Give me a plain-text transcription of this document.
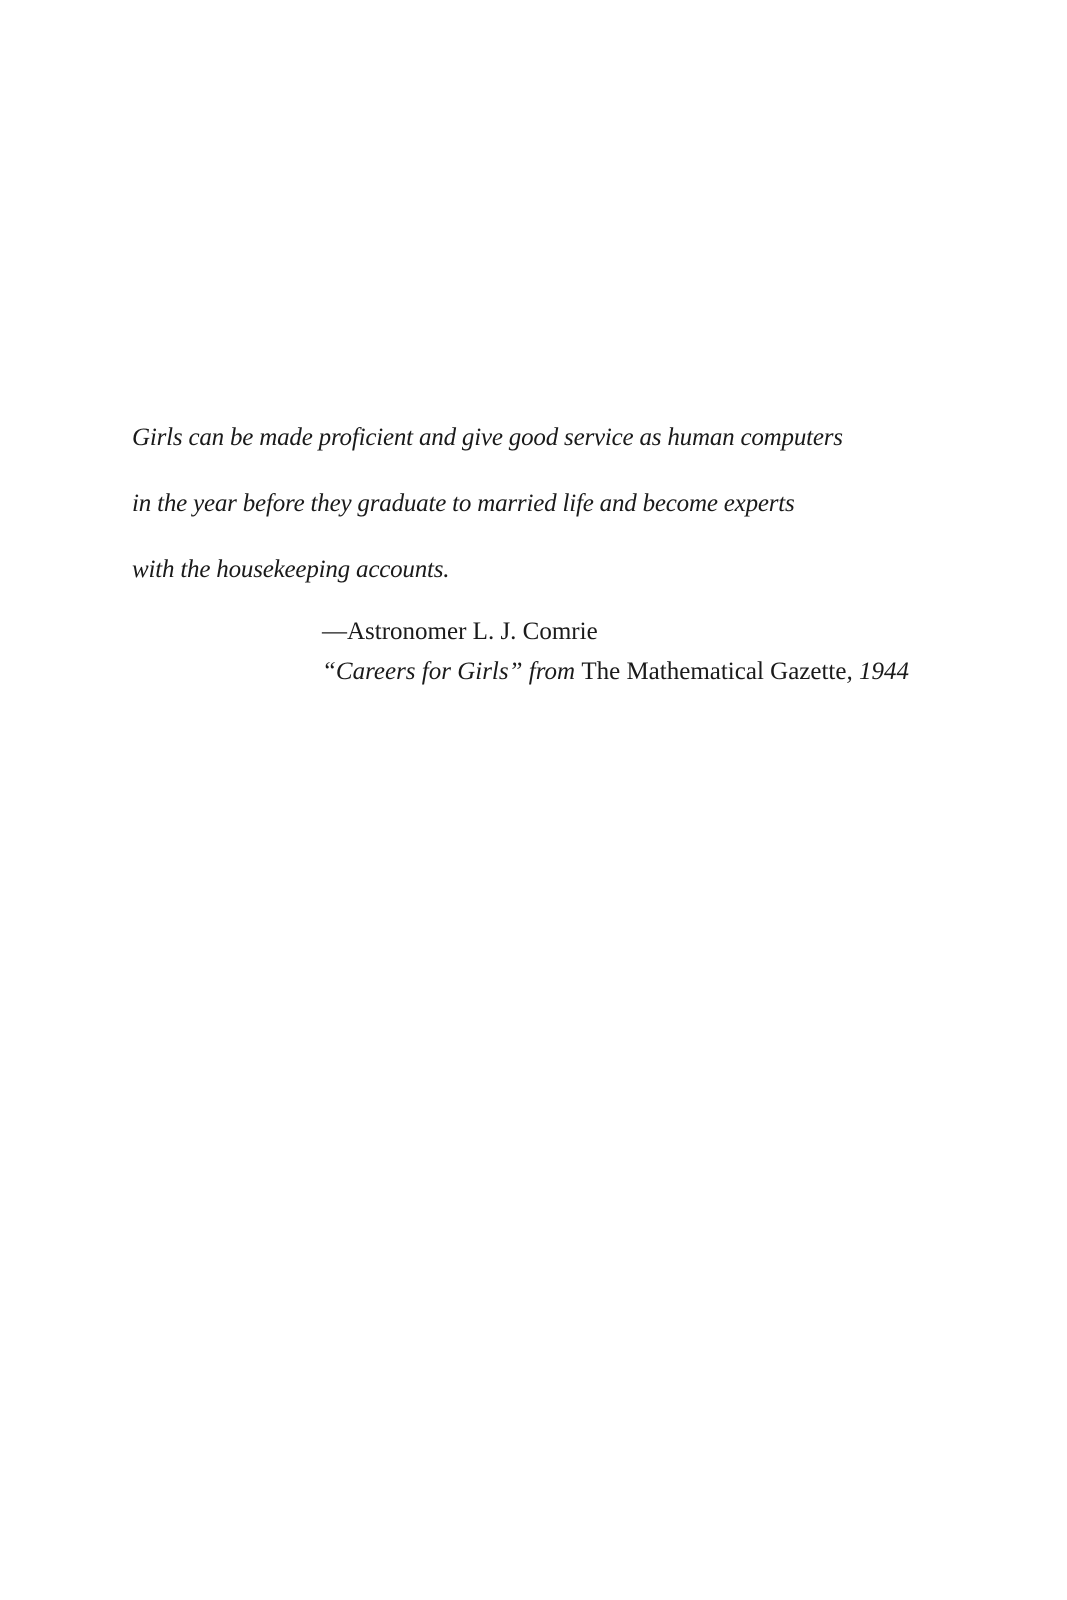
Girls can be made proficient and give good service as human computers
in the year before they graduate to married life and become experts
with the housekeeping accounts.
—Astronomer L. J. Comrie
“Careers for Girls” from The Mathematical Gazette, 1944
